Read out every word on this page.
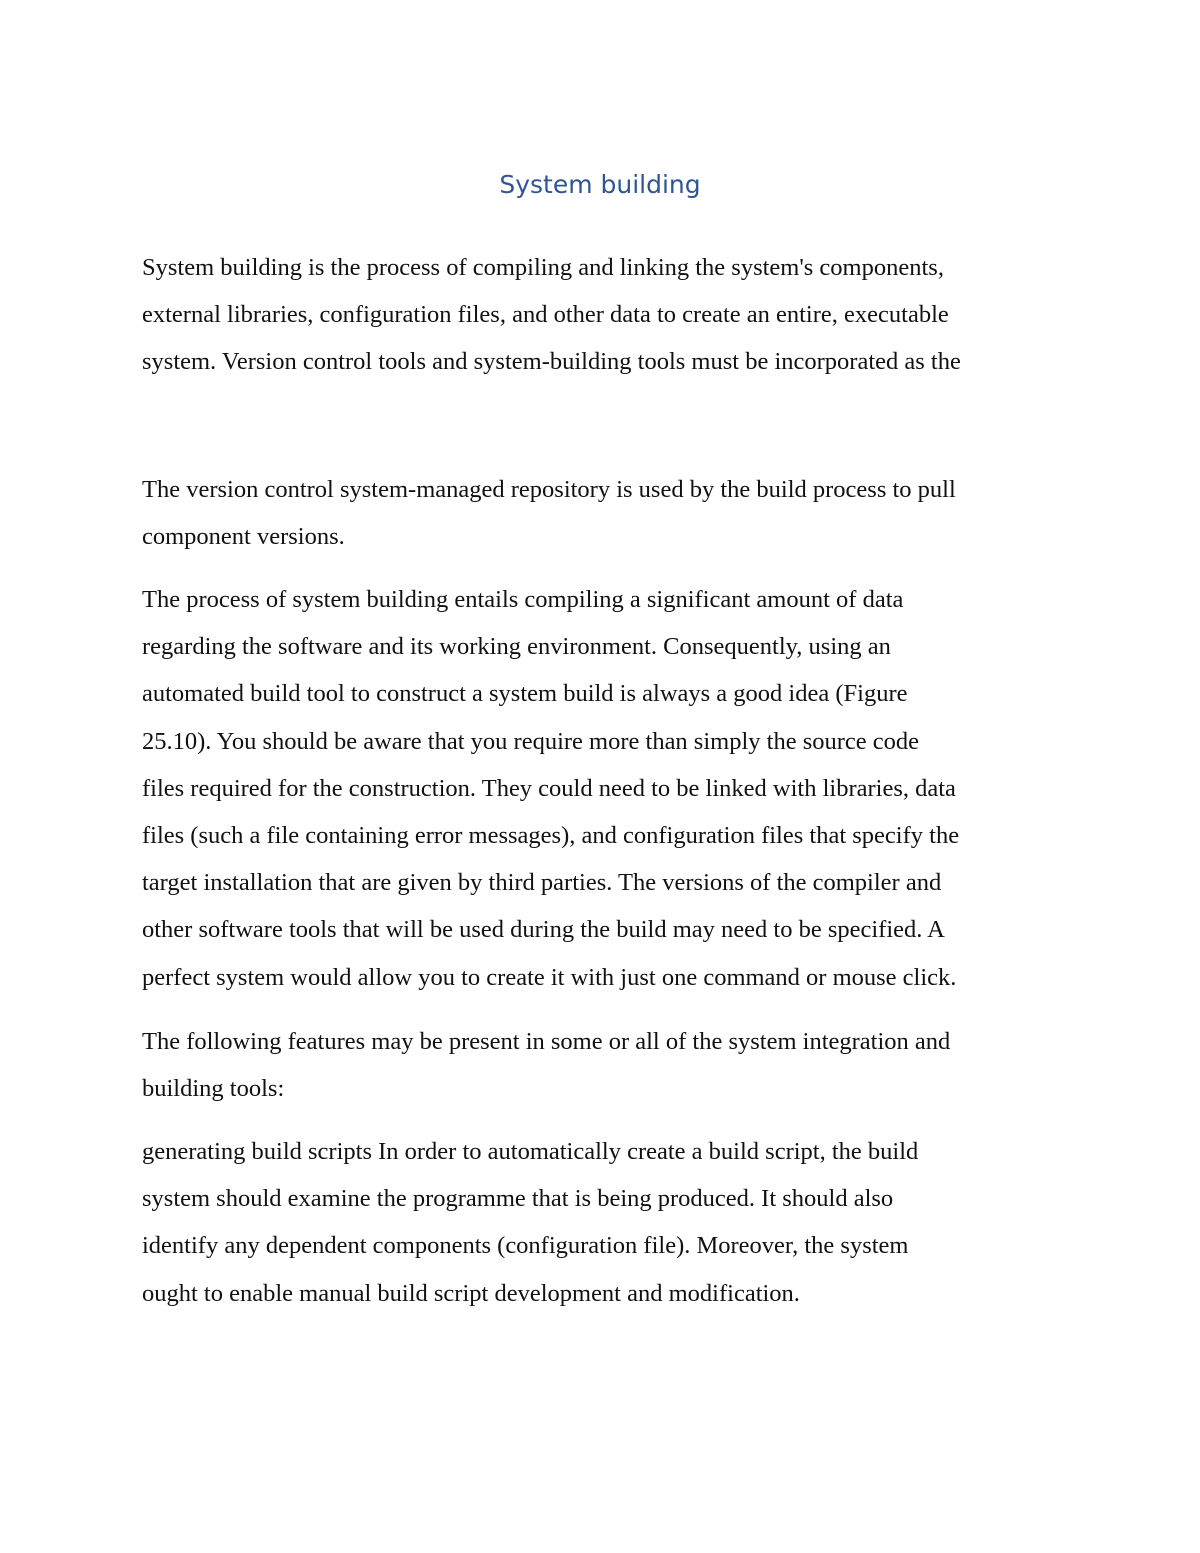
System building

System building is the process of compiling and linking the system's components,
external libraries, configuration files, and other data to create an entire, executable
system. Version control tools and system-building tools must be incorporated as the

The version control system-managed repository is used by the build process to pull
component versions.

The process of system building entails compiling a significant amount of data
regarding the software and its working environment. Consequently, using an
automated build tool to construct a system build is always a good idea (Figure
25.10). You should be aware that you require more than simply the source code
files required for the construction. They could need to be linked with libraries, data
files (such a file containing error messages), and configuration files that specify the
target installation that are given by third parties. The versions of the compiler and
other software tools that will be used during the build may need to be specified. A
perfect system would allow you to create it with just one command or mouse click.

The following features may be present in some or all of the system integration and
building tools:

generating build scripts In order to automatically create a build script, the build
system should examine the programme that is being produced. It should also
identify any dependent components (configuration file). Moreover, the system
ought to enable manual build script development and modification.
